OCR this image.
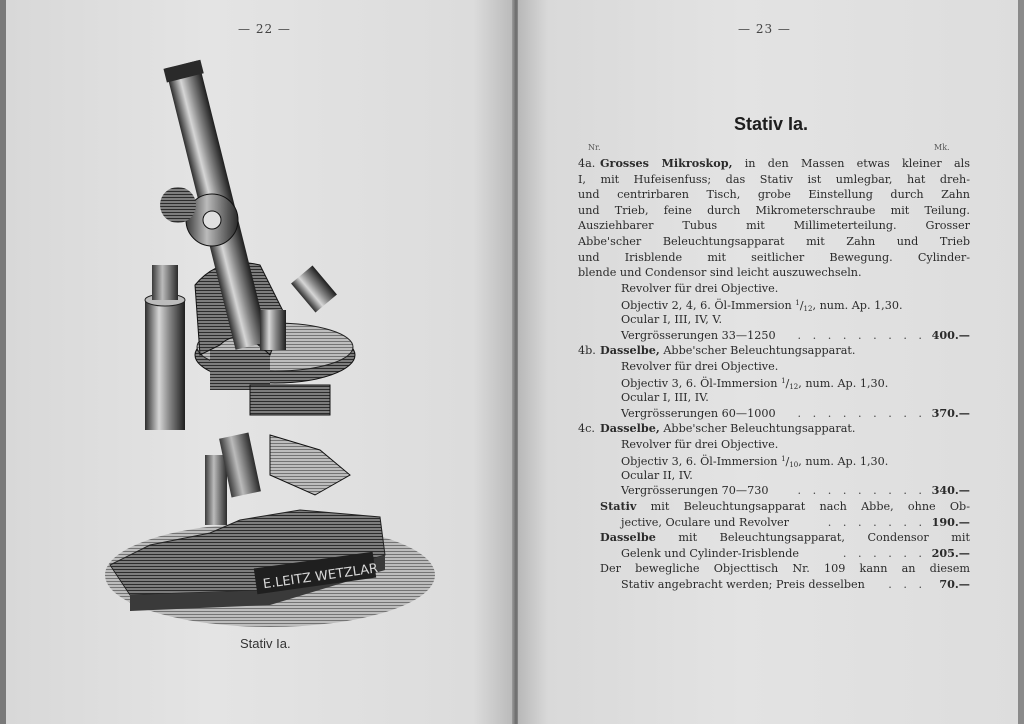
— 22 —
E.LEITZ WETZLAR
Stativ Ia.
— 23 —
Stativ Ia.
Nr.	Mk.
4a. Grosses Mikroskop, in den Massen etwas kleiner als
I, mit Hufeisenfuss; das Stativ ist umlegbar, hat dreh-
und centrirbaren Tisch, grobe Einstellung durch Zahn
und Trieb, feine durch Mikrometerschraube mit Teilung.
Ausziehbarer Tubus mit Millimeterteilung. Grosser
Abbe'scher Beleuchtungsapparat mit Zahn und Trieb
und Irisblende mit seitlicher Bewegung. Cylinder-
blende und Condensor sind leicht auszuwechseln.
Revolver für drei Objective.
Objectiv 2, 4, 6. Öl-Immersion $^1/_{12}$, num. Ap. 1,30.
Ocular I, III, IV, V.
Vergrösserungen 33—1250 . . . . . . . . . 400.—
4b. Dasselbe, Abbe'scher Beleuchtungsapparat.
Revolver für drei Objective.
Objectiv 3, 6. Öl-Immersion $^1/_{12}$, num. Ap. 1,30.
Ocular I, III, IV.
Vergrösserungen 60—1000 . . . . . . . . . 370.—
4c. Dasselbe, Abbe'scher Beleuchtungsapparat.
Revolver für drei Objective.
Objectiv 3, 6. Öl-Immersion $^1/_{10}$, num. Ap. 1,30.
Ocular II, IV.
Vergrösserungen 70—730	. . . . . . . . . 340.—
Stativ mit Beleuchtungsapparat nach Abbe, ohne Ob-
jective, Oculare und Revolver	. . . . . . . 190.—
Dasselbe mit Beleuchtungsapparat, Condensor mit
Gelenk und Cylinder-Irisblende	. . . . . . 205.—
Der bewegliche Objecttisch Nr. 109 kann an diesem
Stativ angebracht werden; Preis desselben . . . 70.—
